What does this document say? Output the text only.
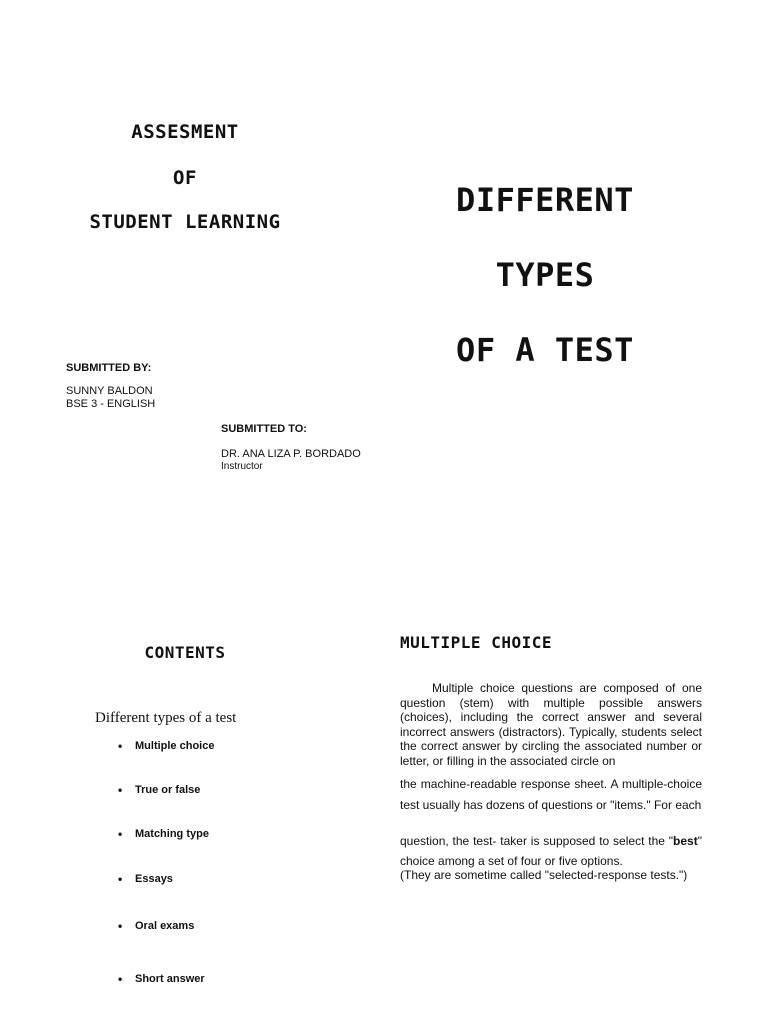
ASSESMENT
OF
STUDENT LEARNING
DIFFERENT
TYPES
OF A TEST
SUBMITTED BY:
SUNNY BALDON
BSE 3 - ENGLISH
SUBMITTED TO:
DR. ANA LIZA P. BORDADO
Instructor
CONTENTS
Different types of a test
• Multiple choice
• True or false
• Matching type
• Essays
• Oral exams
• Short answer
MULTIPLE CHOICE
Multiple choice questions are composed of one question (stem) with multiple possible answers (choices), including the correct answer and several incorrect answers (distractors). Typically, students select the correct answer by circling the associated number or letter, or filling in the associated circle on
the machine-readable response sheet. A multiple-choice test usually has dozens of questions or "items." For each
question, the test- taker is supposed to select the "best" choice among a set of four or five options.
(They are sometime called "selected-response tests.")
